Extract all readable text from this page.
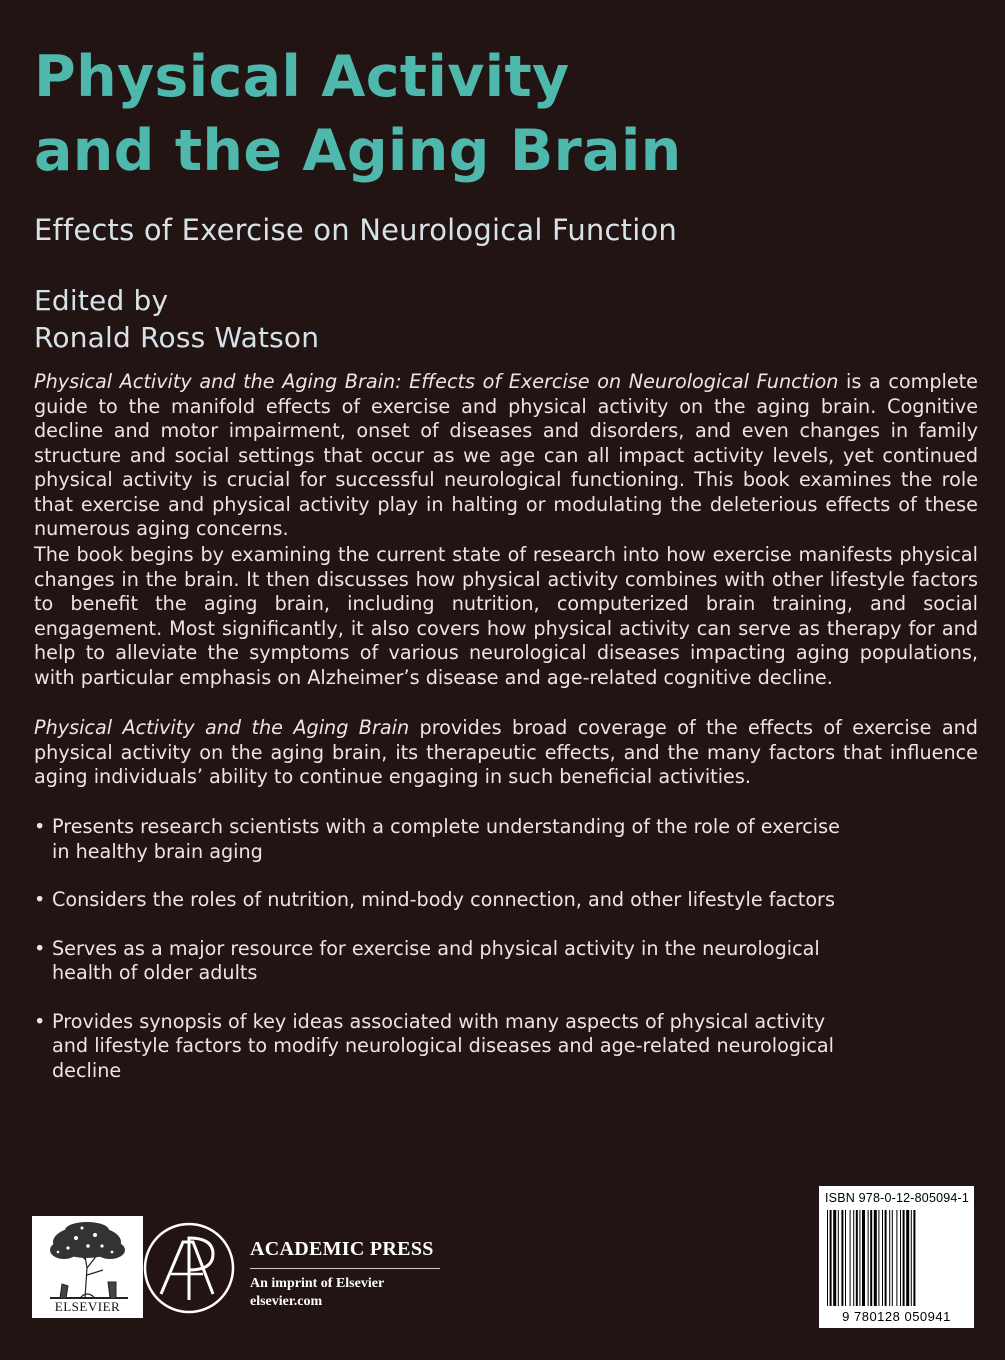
Physical Activity
and the Aging Brain
Effects of Exercise on Neurological Function
Edited by
Ronald Ross Watson

Physical Activity and the Aging Brain: Effects of Exercise on Neurological Function is a complete guide to the manifold effects of exercise and physical activity on the aging brain. Cognitive decline and motor impairment, onset of diseases and disorders, and even changes in family structure and social settings that occur as we age can all impact activity levels, yet continued physical activity is crucial for successful neurological functioning. This book examines the role that exercise and physical activity play in halting or modulating the deleterious effects of these numerous aging concerns.

The book begins by examining the current state of research into how exercise manifests physical changes in the brain. It then discusses how physical activity combines with other lifestyle factors to benefit the aging brain, including nutrition, computerized brain training, and social engagement. Most significantly, it also covers how physical activity can serve as therapy for and help to alleviate the symptoms of various neurological diseases impacting aging populations, with particular emphasis on Alzheimer’s disease and age-related cognitive decline.

Physical Activity and the Aging Brain provides broad coverage of the effects of exercise and physical activity on the aging brain, its therapeutic effects, and the many factors that influence aging individuals’ ability to continue engaging in such beneficial activities.

• Presents research scientists with a complete understanding of the role of exercise in healthy brain aging
• Considers the roles of nutrition, mind-body connection, and other lifestyle factors
• Serves as a major resource for exercise and physical activity in the neurological health of older adults
• Provides synopsis of key ideas associated with many aspects of physical activity and lifestyle factors to modify neurological diseases and age-related neurological decline
ELSEVIER
ACADEMIC PRESS
An imprint of Elsevier
elsevier.com
ISBN 978-0-12-805094-1
9 780128 050941
